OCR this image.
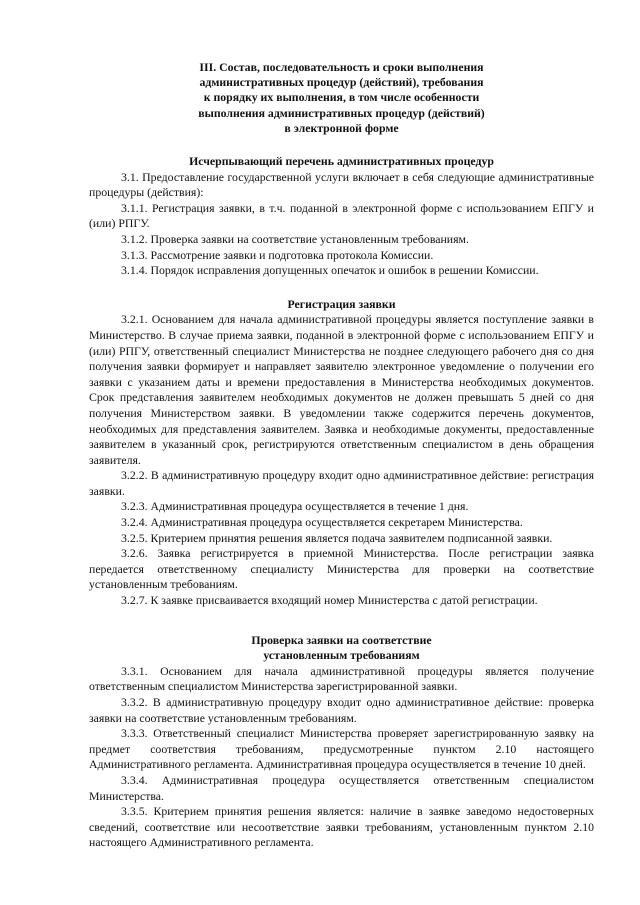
III. Состав, последовательность и сроки выполнения
административных процедур (действий), требования
к порядку их выполнения, в том числе особенности
выполнения административных процедур (действий)
в электронной форме
Исчерпывающий перечень административных процедур

3.1. Предоставление государственной услуги включает в себя следующие административные процедуры (действия):

3.1.1. Регистрация заявки, в т.ч. поданной в электронной форме с использованием ЕПГУ и (или) РПГУ.

3.1.2. Проверка заявки на соответствие установленным требованиям.

3.1.3. Рассмотрение заявки и подготовка протокола Комиссии.

3.1.4. Порядок исправления допущенных опечаток и ошибок в решении Комиссии.

Регистрация заявки

3.2.1. Основанием для начала административной процедуры является поступление заявки в Министерство. В случае приема заявки, поданной в электронной форме с использованием ЕПГУ и (или) РПГУ, ответственный специалист Министерства не позднее следующего рабочего дня со дня получения заявки формирует и направляет заявителю электронное уведомление о получении его заявки с указанием даты и времени предоставления в Министерства необходимых документов. Срок представления заявителем необходимых документов не должен превышать 5 дней со дня получения Министерством заявки. В уведомлении также содержится перечень документов, необходимых для представления заявителем. Заявка и необходимые документы, предоставленные заявителем в указанный срок, регистрируются ответственным специалистом в день обращения заявителя.

3.2.2. В административную процедуру входит одно административное действие: регистрация заявки.

3.2.3. Административная процедура осуществляется в течение 1 дня.

3.2.4. Административная процедура осуществляется секретарем Министерства.

3.2.5. Критерием принятия решения является подача заявителем подписанной заявки.

3.2.6. Заявка регистрируется в приемной Министерства. После регистрации заявка передается ответственному специалисту Министерства для проверки на соответствие установленным требованиям.

3.2.7. К заявке присваивается входящий номер Министерства с датой регистрации.

Проверка заявки на соответствие
установленным требованиям

3.3.1. Основанием для начала административной процедуры является получение ответственным специалистом Министерства зарегистрированной заявки.

3.3.2. В административную процедуру входит одно административное действие: проверка заявки на соответствие установленным требованиям.

3.3.3. Ответственный специалист Министерства проверяет зарегистрированную заявку на предмет соответствия требованиям, предусмотренные пунктом 2.10 настоящего Административного регламента. Административная процедура осуществляется в течение 10 дней.

3.3.4. Административная процедура осуществляется ответственным специалистом Министерства.

3.3.5. Критерием принятия решения является: наличие в заявке заведомо недостоверных сведений, соответствие или несоответствие заявки требованиям, установленным пунктом 2.10 настоящего Административного регламента.
